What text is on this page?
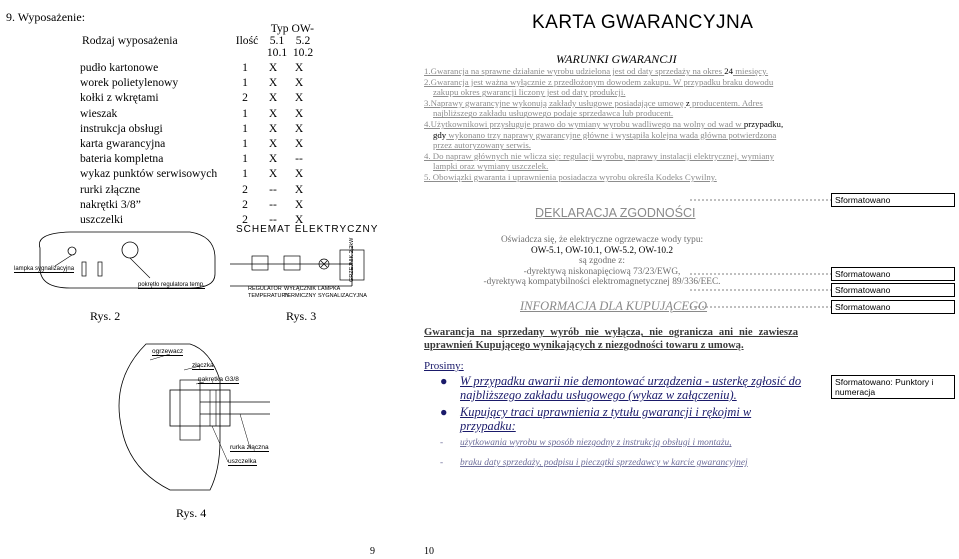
9. Wyposażenie:
Rodzaj wyposażenia	Ilość	
Typ OW-
5.1 5.2
10.1 10.2
pudło kartonowe	1	X	X
worek polietylenowy	1	X	X
kołki z wkrętami	2	X	X
wieszak	1	X	X
instrukcja obsługi	1	X	X
karta gwarancyjna	1	X	X
bateria kompletna	1	X	--
wykaz punktów serwisowych	1	X	X
rurki złączne	2	--	X
nakrętki 3/8”	2	--	X
uszczelki	2	--	X
lampka sygnalizacyjna
pokrętło regulatora temp.
Rys. 2
SCHEMAT ELEKTRYCZNY
REGULATOR
TEMPERATURY
WYŁĄCZNIK
TERMICZNY
LAMPKA
SYGNALIZACYJNA
GRZEJNIK 2,2kW
Rys. 3
ogrzewacz
złączka
nakrętka G3/8
rurka złączna
uszczelka
Rys. 4
9
KARTA GWARANCYJNA
WARUNKI GWARANCJI

1.Gwarancja na sprawne działanie wyrobu udzielona jest od daty sprzedaży na okres 24 miesięcy.

2.Gwarancja jest ważna wyłącznie z przedłożonym dowodem zakupu. W przypadku braku dowodu

zakupu okres gwarancji liczony jest od daty produkcji.

3.Naprawy gwarancyjne wykonują zakłady usługowe posiadające umowę z producentem. Adres

najbliższego zakładu usługowego podaje sprzedawca lub producent.

4.Użytkownikowi przysługuje prawo do wymiany wyrobu wadliwego na wolny od wad w przypadku,

gdy wykonano trzy naprawy gwarancyjne główne i wystąpiła kolejna wada główna potwierdzona

przez autoryzowany serwis.

4. Do napraw głównych nie wlicza się: regulacji wyrobu, naprawy instalacji elektrycznej, wymiany

lampki oraz wymiany uszczelek.

5. Obowiązki gwaranta i uprawnienia posiadacza wyrobu określa Kodeks Cywilny.

Sformatowano
Sformatowano
Sformatowano
Sformatowano
Sformatowano: Punktory i numeracja
DEKLARACJA ZGODNOŚCI
Oświadcza się, że elektryczne ogrzewacze wody typu:
OW-5.1, OW-10.1, OW-5.2, OW-10.2
są zgodne z:
-dyrektywą niskonapięciową 73/23/EWG,
-dyrektywą kompatybilności elektromagnetycznej 89/336/EEC.
INFORMACJA DLA KUPUJĄCEGO
Gwarancja na sprzedany wyrób nie wyłącza, nie ogranicza ani nie zawiesza uprawnień Kupującego wynikających z niezgodności towaru z umową.
Prosimy:
●	W przypadku awarii nie demontować urządzenia - usterkę zgłosić do najbliższego zakładu usługowego (wykaz w załączeniu).
●	Kupujący traci uprawnienia z tytułu gwarancji i rękojmi w przypadku:
-	użytkowania wyrobu w sposób niezgodny z instrukcją obsługi i montażu,
-	braku daty sprzedaży, podpisu i pieczątki sprzedawcy w karcie gwarancyjnej
10
